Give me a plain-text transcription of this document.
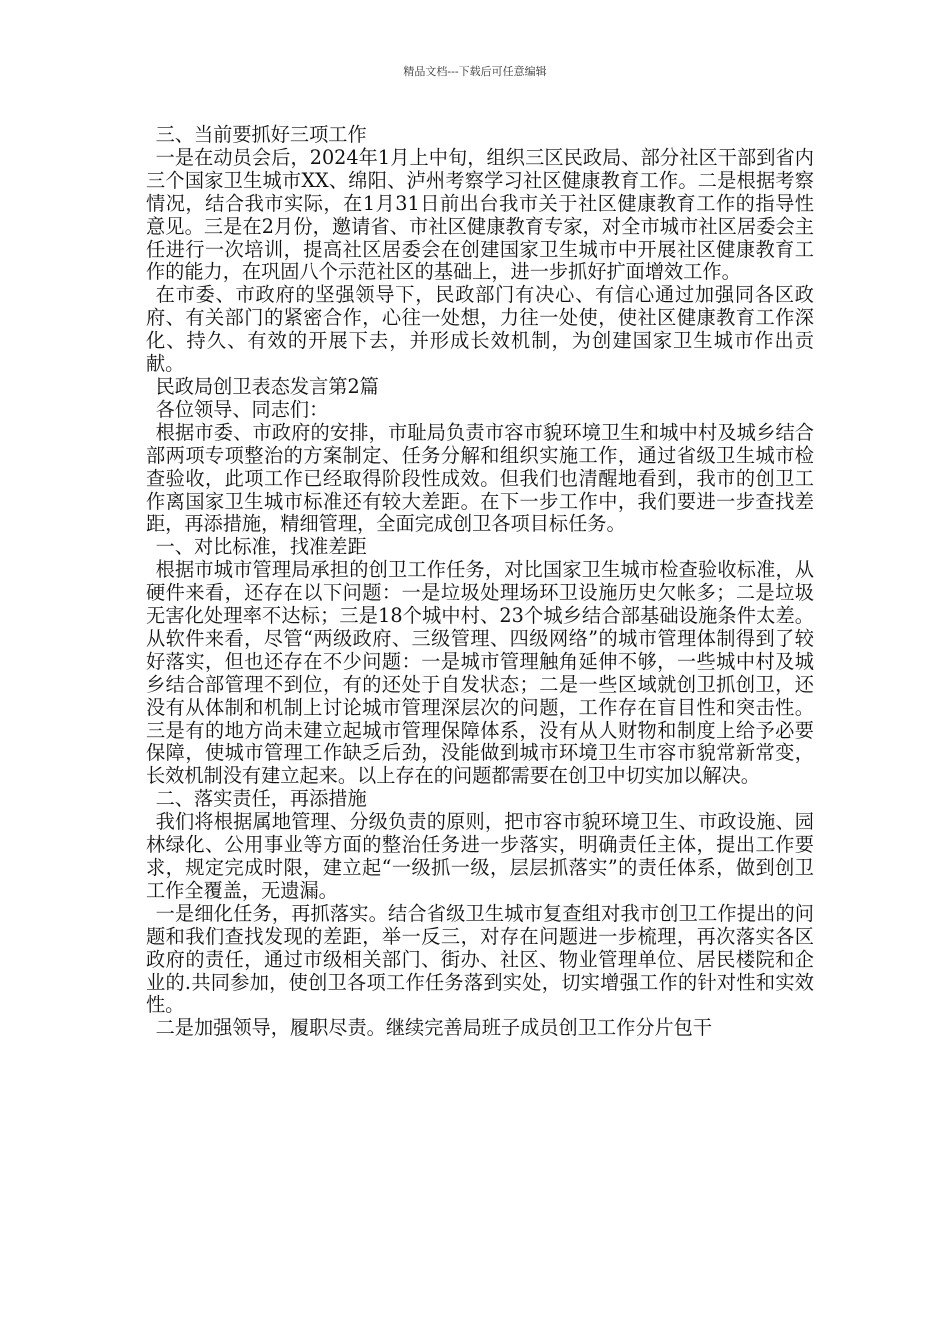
精品文档---下载后可任意编辑

三、当前要抓好三项工作

一是在动员会后，2024年1月上中旬，组织三区民政局、部分社区干部到省内三个国家卫生城市XX、绵阳、泸州考察学习社区健康教育工作。二是根据考察情况，结合我市实际，在1月31日前出台我市关于社区健康教育工作的指导性意见。三是在2月份，邀请省、市社区健康教育专家，对全市城市社区居委会主任进行一次培训，提高社区居委会在创建国家卫生城市中开展社区健康教育工作的能力，在巩固八个示范社区的基础上，进一步抓好扩面增效工作。

在市委、市政府的坚强领导下，民政部门有决心、有信心通过加强同各区政府、有关部门的紧密合作，心往一处想，力往一处使，使社区健康教育工作深化、持久、有效的开展下去，并形成长效机制，为创建国家卫生城市作出贡献。

民政局创卫表态发言第2篇

各位领导、同志们：

根据市委、市政府的安排，市耻局负责市容市貌环境卫生和城中村及城乡结合部两项专项整治的方案制定、任务分解和组织实施工作，通过省级卫生城市检查验收，此项工作已经取得阶段性成效。但我们也清醒地看到，我市的创卫工作离国家卫生城市标准还有较大差距。在下一步工作中，我们要进一步查找差距，再添措施，精细管理，全面完成创卫各项目标任务。

一、对比标准，找准差距

根据市城市管理局承担的创卫工作任务，对比国家卫生城市检查验收标准，从硬件来看，还存在以下问题：一是垃圾处理场环卫设施历史欠帐多；二是垃圾无害化处理率不达标；三是18个城中村、23个城乡结合部基础设施条件太差。从软件来看，尽管“两级政府、三级管理、四级网络”的城市管理体制得到了较好落实，但也还存在不少问题：一是城市管理触角延伸不够，一些城中村及城乡结合部管理不到位，有的还处于自发状态；二是一些区域就创卫抓创卫，还没有从体制和机制上讨论城市管理深层次的问题，工作存在盲目性和突击性。三是有的地方尚未建立起城市管理保障体系，没有从人财物和制度上给予必要保障，使城市管理工作缺乏后劲，没能做到城市环境卫生市容市貌常新常变，长效机制没有建立起来。以上存在的问题都需要在创卫中切实加以解决。

二、落实责任，再添措施

我们将根据属地管理、分级负责的原则，把市容市貌环境卫生、市政设施、园林绿化、公用事业等方面的整治任务进一步落实，明确责任主体，提出工作要求，规定完成时限，建立起“一级抓一级，层层抓落实”的责任体系，做到创卫工作全覆盖，无遗漏。

一是细化任务，再抓落实。结合省级卫生城市复查组对我市创卫工作提出的问题和我们查找发现的差距，举一反三，对存在问题进一步梳理，再次落实各区政府的责任，通过市级相关部门、街办、社区、物业管理单位、居民楼院和企业的.共同参加，使创卫各项工作任务落到实处，切实增强工作的针对性和实效性。

二是加强领导，履职尽责。继续完善局班子成员创卫工作分片包干
